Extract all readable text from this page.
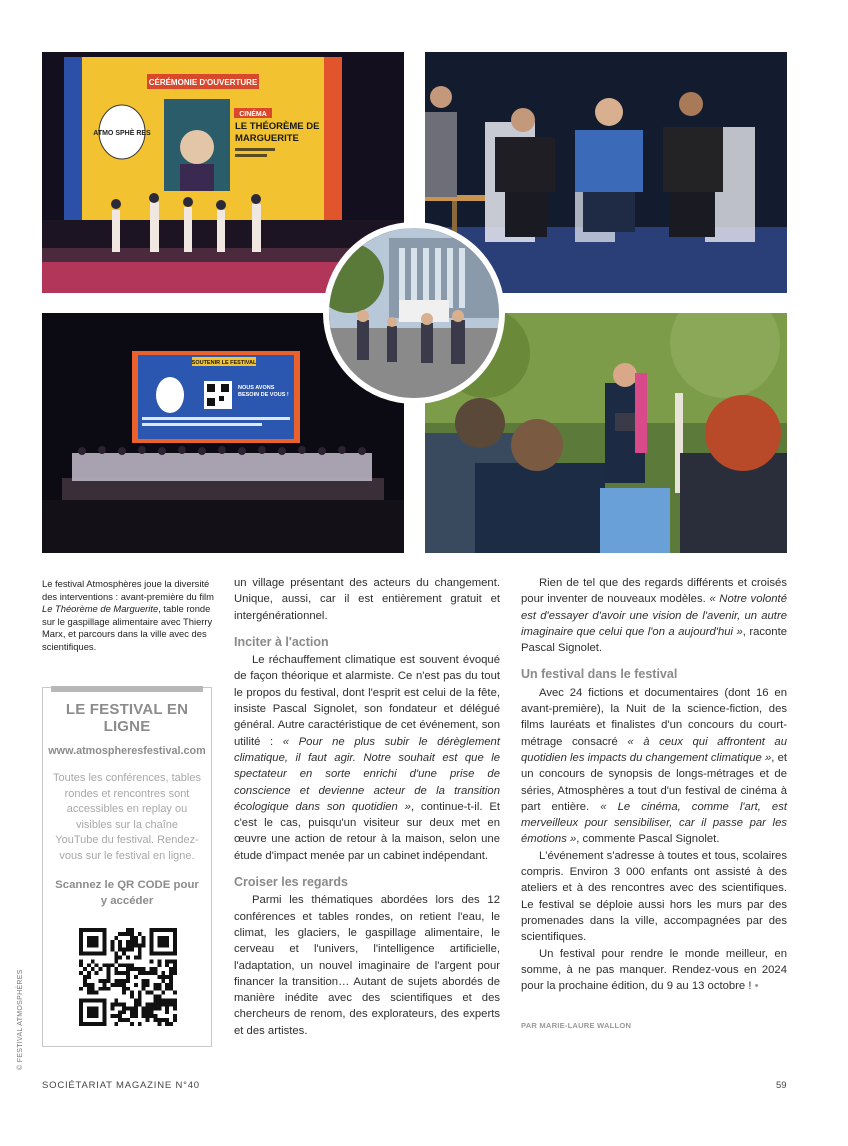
CÉRÉMONIE D'OUVERTURE
ATMO SPHÈ RES
CINÉMA
LE THÉORÈME DE
MARGUERITE
SOUTENIR LE FESTIVAL
NOUS AVONS
BESOIN DE VOUS !
Le festival Atmosphères joue la diversité des interventions : avant-première du film Le Théorème de Marguerite, table ronde sur le gaspillage alimentaire avec Thierry Marx, et parcours dans la ville avec des scientifiques.
LE FESTIVAL EN LIGNE
www.atmospheresfestival.com
Toutes les conférences, tables rondes et rencontres sont accessibles en replay ou visibles sur la chaîne YouTube du festival. Rendez-vous sur le festival en ligne.
Scannez le QR CODE pour y accéder
© FESTIVAL ATMOSPHÈRES

un village présentant des acteurs du changement. Unique, aussi, car il est entièrement gratuit et intergénérationnel.

Inciter à l'action

Le réchauffement climatique est souvent évoqué de façon théorique et alarmiste. Ce n'est pas du tout le propos du festival, dont l'esprit est celui de la fête, insiste Pascal Signolet, son fondateur et délégué général. Autre caractéristique de cet événement, son utilité : « Pour ne plus subir le dérèglement climatique, il faut agir. Notre souhait est que le spectateur en sorte enrichi d'une prise de conscience et devienne acteur de la transition écologique dans son quotidien », continue-t-il. Et c'est le cas, puisqu'un visiteur sur deux met en œuvre une action de retour à la maison, selon une étude d'impact menée par un cabinet indépendant.

Croiser les regards

Parmi les thématiques abordées lors des 12 conférences et tables rondes, on retient l'eau, le climat, les glaciers, le gaspillage alimentaire, le cerveau et l'univers, l'intelligence artificielle, l'adaptation, un nouvel imaginaire de l'argent pour financer la transition… Autant de sujets abordés de manière inédite avec des scientifiques et des chercheurs de renom, des explorateurs, des experts et des artistes.

Rien de tel que des regards différents et croisés pour inventer de nouveaux modèles. « Notre volonté est d'essayer d'avoir une vision de l'avenir, un autre imaginaire que celui que l'on a aujourd'hui », raconte Pascal Signolet.

Un festival dans le festival

Avec 24 fictions et documentaires (dont 16 en avant-première), la Nuit de la science-fiction, des films lauréats et finalistes d'un concours du court-métrage consacré « à ceux qui affrontent au quotidien les impacts du changement climatique », et un concours de synopsis de longs-métrages et de séries, Atmosphères a tout d'un festival de cinéma à part entière. « Le cinéma, comme l'art, est merveilleux pour sensibiliser, car il passe par les émotions », commente Pascal Signolet.

L'événement s'adresse à toutes et tous, scolaires compris. Environ 3 000 enfants ont assisté à des ateliers et à des rencontres avec des scientifiques. Le festival se déploie aussi hors les murs par des promenades dans la ville, accompagnées par des scientifiques.

Un festival pour rendre le monde meilleur, en somme, à ne pas manquer. Rendez-vous en 2024 pour la prochaine édition, du 9 au 13 octobre ! •

PAR MARIE-LAURE WALLON
SOCIÉTARIAT MAGAZINE N°40	59
